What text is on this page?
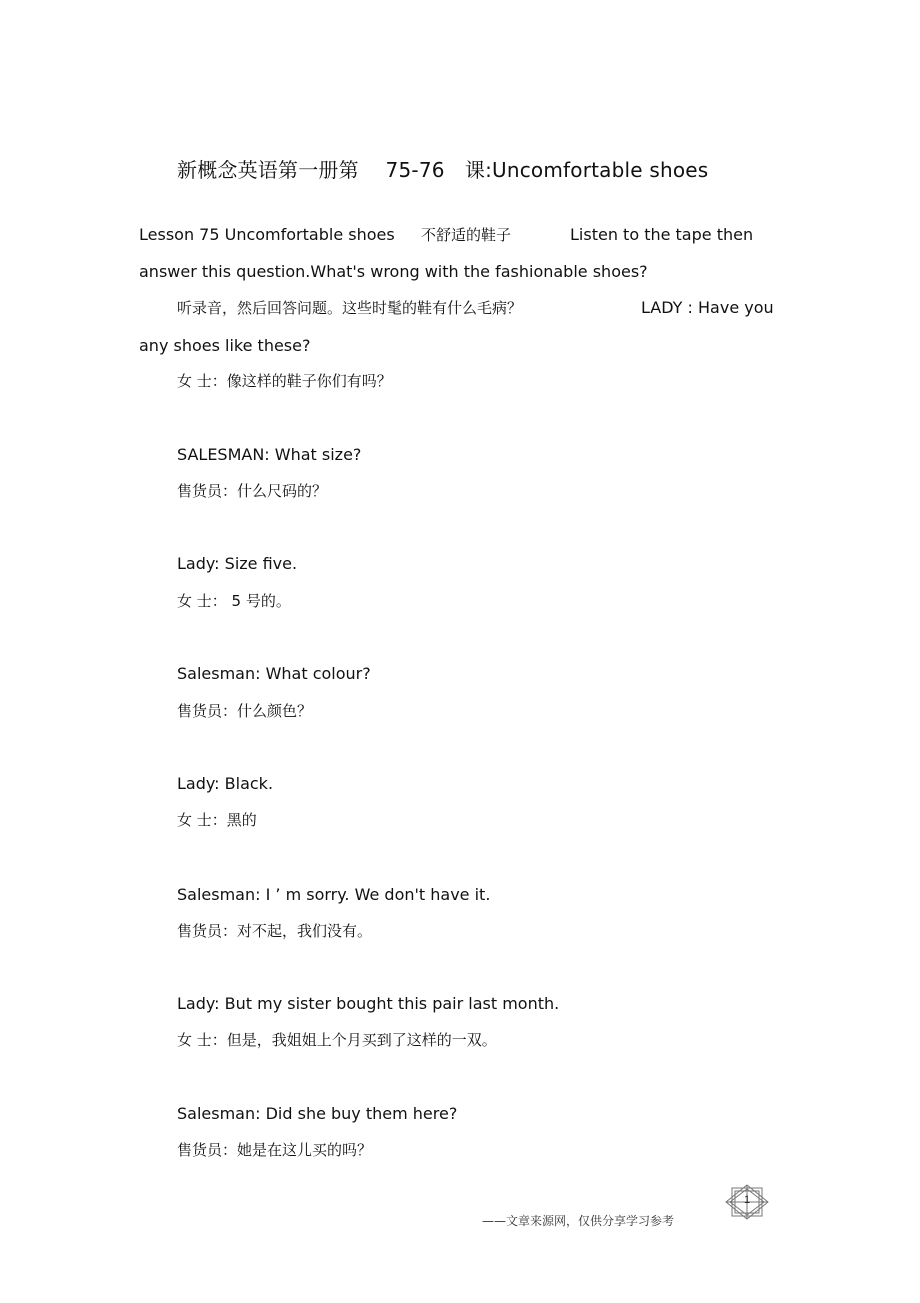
新概念英语第一册第　 75-76　课:Uncomfortable shoes
Lesson 75 Uncomfortable shoes 不舒适的鞋子	Listen to the tape then
answer this question.What's wrong with the fashionable shoes?
听录音，然后回答问题。这些时髦的鞋有什么毛病？	LADY : Have you
any shoes like these?
女 士：像这样的鞋子你们有吗？
SALESMAN: What size?
售货员：什么尺码的？
Lady: Size five.
女 士： 5 号的。
Salesman: What colour?
售货员：什么颜色？
Lady: Black.
女 士：黑的
Salesman: I ’ m sorry. We don't have it.
售货员：对不起，我们没有。
Lady: But my sister bought this pair last month.
女 士：但是，我姐姐上个月买到了这样的一双。
Salesman: Did she buy them here?
售货员：她是在这儿买的吗？
1
——文章来源网，仅供分享学习参考
